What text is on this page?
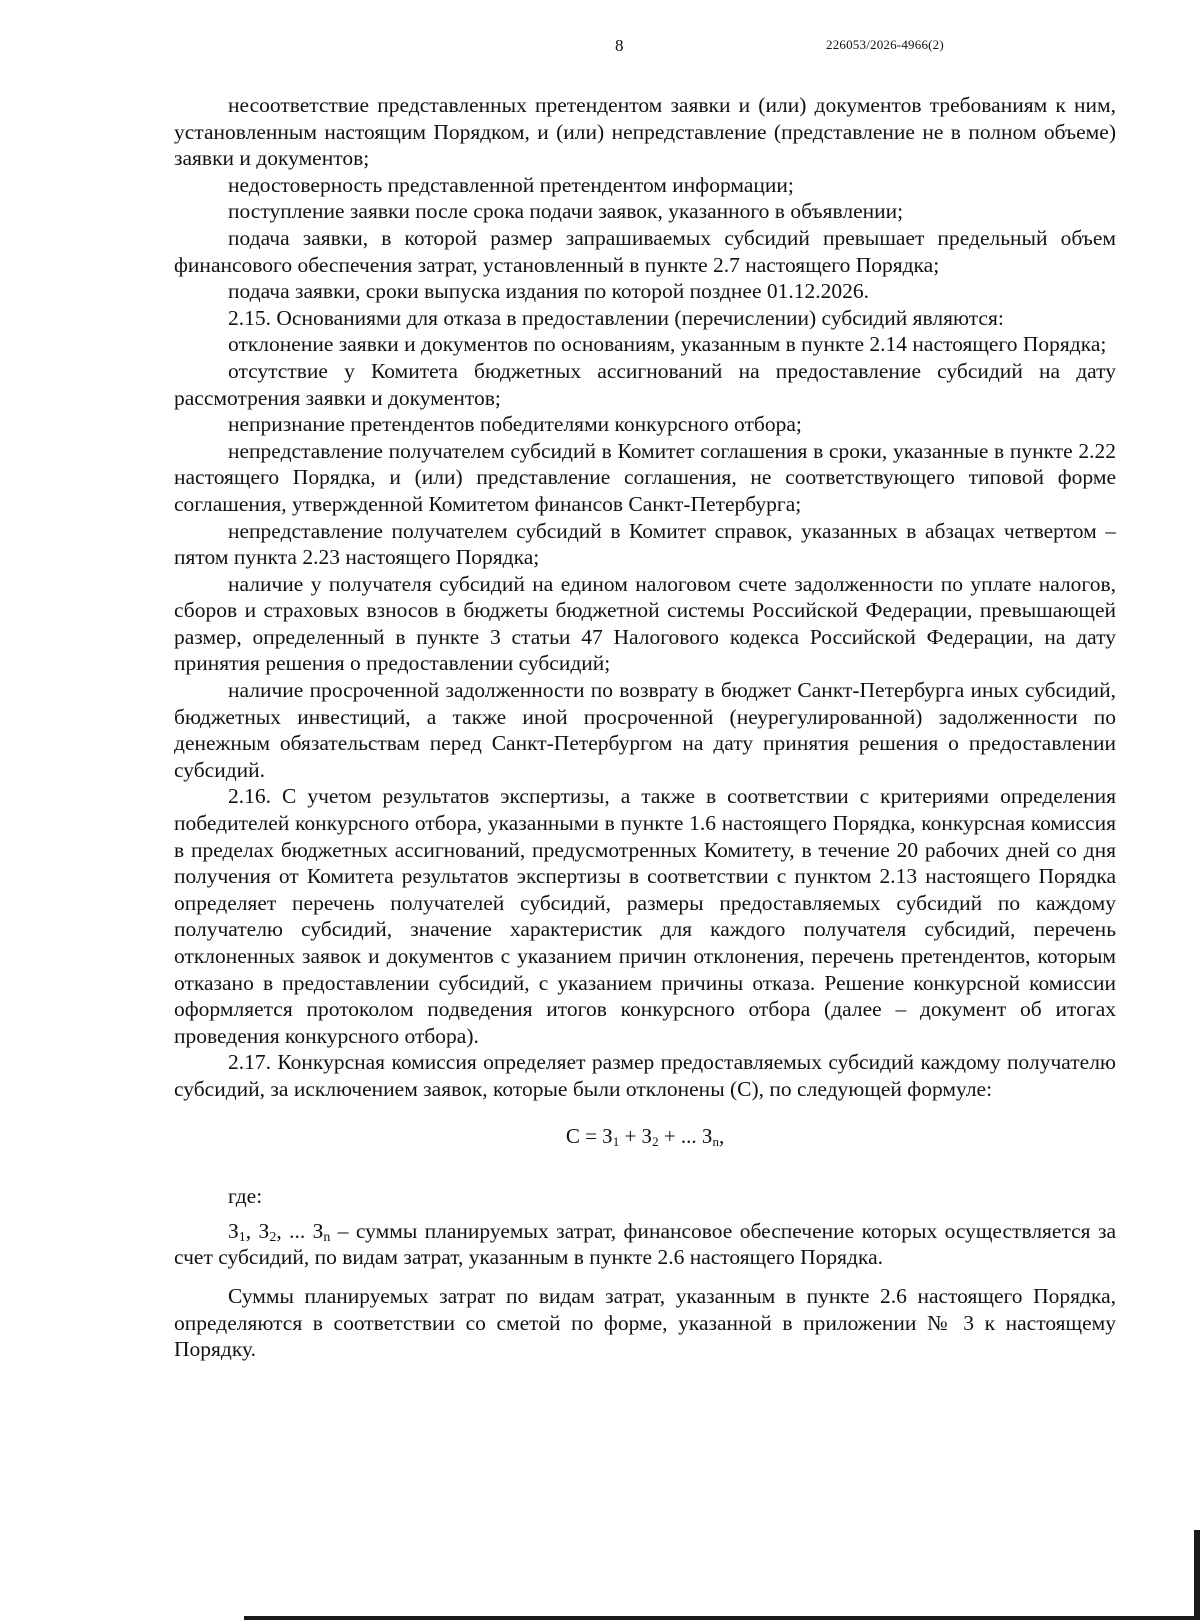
8	226053/2026-4966(2)

несоответствие представленных претендентом заявки и (или) документов требованиям к ним, установленным настоящим Порядком, и (или) непредставление (представление не в полном объеме) заявки и документов;

недостоверность представленной претендентом информации;

поступление заявки после срока подачи заявок, указанного в объявлении;

подача заявки, в которой размер запрашиваемых субсидий превышает предельный объем финансового обеспечения затрат, установленный в пункте 2.7 настоящего Порядка;

подача заявки, сроки выпуска издания по которой позднее 01.12.2026.

2.15. Основаниями для отказа в предоставлении (перечислении) субсидий являются:

отклонение заявки и документов по основаниям, указанным в пункте 2.14 настоящего Порядка;

отсутствие у Комитета бюджетных ассигнований на предоставление субсидий на дату рассмотрения заявки и документов;

непризнание претендентов победителями конкурсного отбора;

непредставление получателем субсидий в Комитет соглашения в сроки, указанные в пункте 2.22 настоящего Порядка, и (или) представление соглашения, не соответствующего типовой форме соглашения, утвержденной Комитетом финансов Санкт-Петербурга;

непредставление получателем субсидий в Комитет справок, указанных в абзацах четвертом – пятом пункта 2.23 настоящего Порядка;

наличие у получателя субсидий на едином налоговом счете задолженности по уплате налогов, сборов и страховых взносов в бюджеты бюджетной системы Российской Федерации, превышающей размер, определенный в пункте 3 статьи 47 Налогового кодекса Российской Федерации, на дату принятия решения о предоставлении субсидий;

наличие просроченной задолженности по возврату в бюджет Санкт-Петербурга иных субсидий, бюджетных инвестиций, а также иной просроченной (неурегулированной) задолженности по денежным обязательствам перед Санкт-Петербургом на дату принятия решения о предоставлении субсидий.

2.16. С учетом результатов экспертизы, а также в соответствии с критериями определения победителей конкурсного отбора, указанными в пункте 1.6 настоящего Порядка, конкурсная комиссия в пределах бюджетных ассигнований, предусмотренных Комитету, в течение 20 рабочих дней со дня получения от Комитета результатов экспертизы в соответствии с пунктом 2.13 настоящего Порядка определяет перечень получателей субсидий, размеры предоставляемых субсидий по каждому получателю субсидий, значение характеристик для каждого получателя субсидий, перечень отклоненных заявок и документов с указанием причин отклонения, перечень претендентов, которым отказано в предоставлении субсидий, с указанием причины отказа. Решение конкурсной комиссии оформляется протоколом подведения итогов конкурсного отбора (далее – документ об итогах проведения конкурсного отбора).

2.17. Конкурсная комиссия определяет размер предоставляемых субсидий каждому получателю субсидий, за исключением заявок, которые были отклонены (С), по следующей формуле:

$С = З_1 + З_2$ + ... $З_n$,

где:

$З_1$, $З_2$, ... $З_n$ – суммы планируемых затрат, финансовое обеспечение которых осуществляется за счет субсидий, по видам затрат, указанным в пункте 2.6 настоящего Порядка.

Суммы планируемых затрат по видам затрат, указанным в пункте 2.6 настоящего Порядка, определяются в соответствии со сметой по форме, указанной в приложении № 3 к настоящему Порядку.
